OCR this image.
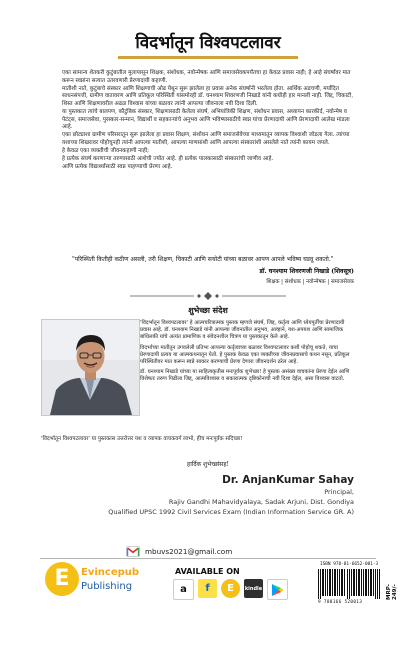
विदर्भातून विश्वपटलावर

एका सामान्य शेतकरी कुटुंबातील मुलापासून शिक्षक, संशोधक, नवोन्मेषक आणि समाजसेवकपर्यंतचा हा केवळ प्रवास नाही; हे आहे संघर्षांवर मात करून स्वप्नांना सत्यात उतरवणारी प्रेरणादायी कहाणी.

मातीशी नाते, कुटुंबाचे संस्कार आणि शिक्षणाची ओढ येथून सुरू झालेला हा प्रवास अनेक संघर्षांनी भरलेला होता. आर्थिक अडचणी, मर्यादित साधनसंपत्ती, ग्रामीण वातावरण आणि प्रतिकूल परिस्थिती यांसमोरही डॉ. घनश्याम शिवरणजी निखाडे यांनी कधीही हार मानली नाही. जिद्द, चिकाटी, शिस्त आणि शिक्षणावरील अढळ विश्वास यांच्या बळावर त्यांनी आपल्या जीवनाला नवी दिशा दिली.

या पुस्तकात त्यांचे बालपण, कौटुंबिक संस्कार, शिक्षणासाठी केलेला संघर्ष, अभियांत्रिकी शिक्षण, संशोधन प्रवास, अध्यापन कारकीर्द, नवोन्मेष व पेटंट्स, समाजसेवा, पुरस्कार-सन्मान, विद्यार्थी व सहकाऱ्यांचे अनुभव आणि भविष्यासाठीचे स्वप्न यांचा प्रेरणादायी आणि प्रेरणादायी आलेख मांडला आहे.

एका छोट्याशा ग्रामीण परिसरातून सुरू झालेला हा प्रवास शिक्षण, संशोधन आणि समाजसेवेच्या माध्यमातून व्यापक विश्वाशी जोडला गेला. त्यांच्या यशाच्या शिखरावर पोहोचूनही त्यांनी आपल्या मातीशी, आपल्या माणसांशी आणि आपल्या संस्कारांशी असलेले नाते त्यांनी कायम जपले.

हे केवळ एका व्यक्तीची जीवनकहाणी नाही;

हे प्रत्येक संघर्ष करणाऱ्या तरुणासाठी आशेची ज्योत आहे. ही प्रत्येक पालकासाठी संस्कारांची जाणीव आहे.

आणि प्रत्येक विद्यार्थ्यासाठी स्वप्न पाहण्याची प्रेरणा आहे.

"परिस्थिती कितीही कठीण असली, तरी शिक्षण, चिकाटी आणि सचोटी यांच्या बळावर आपण आपले भविष्य घडवू शकतो."
डॉ. घनश्याम शिवरणजी निखाडे (शिवसूत्र)
शिक्षक | संशोधक | नवोन्मेषक | समाजसेवक
शुभेच्छा संदेश

'विदर्भातून विश्वपटलावर' हे आत्मचरित्रात्मक पुस्तक म्हणजे संघर्ष, जिद्द, कर्तृत्व आणि ध्येयपूर्तीचा प्रेरणादायी प्रवास आहे. डॉ. घनश्याम निखाडे यांनी आपल्या जीवनातील अनुभव, आव्हाने, यश-अपयश आणि सामाजिक बांधिलकी यांचे अत्यंत प्रामाणिक व संवेदनशील चित्रण या पुस्तकातून केले आहे.

विदर्भाच्या मातीतून उगवलेली प्रतिभा आपल्या कर्तृत्वाच्या बळावर विश्वपटलावर कशी पोहोचू शकते, याचा प्रेरणादायी प्रत्यय या आत्मकथनातून येतो. हे पुस्तक केवळ एका व्यक्तीच्या जीवनप्रवासाचे कथन नसून, प्रतिकूल परिस्थितीवर मात करून स्वप्ने साकार करण्याची प्रेरणा देणारा जीवनदर्शन ठरेल आहे.

डॉ. घनश्याम निखाडे यांच्या या साहित्यकृतीस मनःपूर्वक शुभेच्छा! हे पुस्तक असंख्य वाचकांना प्रेरणा देईल आणि विशेषतः तरुण पिढीला जिद्द, आत्मविश्वास व सकारात्मक दृष्टिकोनाची नवी दिशा देईल, असा विश्वास वाटतो.

'विदर्भातून विश्वपटलावर' या पुस्तकास उत्तरोत्तर यश व व्यापक वाचकवर्ग लाभो, हीच मनःपूर्वक सदिच्छा!
हार्दिक शुभेच्छांसह!
Dr. AnjanKumar Sahay
Principal,
Rajiv Gandhi Mahavidyalaya, Sadak Arjuni, Dist. Gondiya
Qualified UPSC 1992 Civil Services Exam (Indian Information Service GR. A)
mbuvs2021@gmail.com
E Evincepub
Publishing
AVAILABLE ON
a	f	E	kindle
ISBN 978-81-6652-001-3
9 788166 520013
MRP- 249/-
